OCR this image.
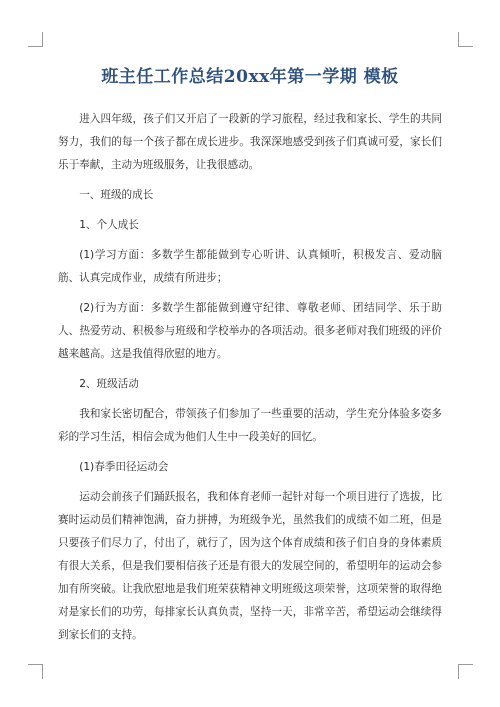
班主任工作总结20xx年第一学期 模板

进入四年级，孩子们又开启了一段新的学习旅程，经过我和家长、学生的共同努力，我们的每一个孩子都在成长进步。我深深地感受到孩子们真诚可爱，家长们乐于奉献，主动为班级服务，让我很感动。

一、班级的成长

1、个人成长

(1)学习方面：多数学生都能做到专心听讲、认真倾听，积极发言、爱动脑筋、认真完成作业，成绩有所进步；

(2)行为方面：多数学生都能做到遵守纪律、尊敬老师、团结同学、乐于助人、热爱劳动、积极参与班级和学校举办的各项活动。很多老师对我们班级的评价越来越高。这是我值得欣慰的地方。

2、班级活动

我和家长密切配合，带领孩子们参加了一些重要的活动，学生充分体验多姿多彩的学习生活，相信会成为他们人生中一段美好的回忆。

(1)春季田径运动会

运动会前孩子们踊跃报名，我和体育老师一起针对每一个项目进行了选拔，比赛时运动员们精神饱满，奋力拼搏，为班级争光，虽然我们的成绩不如二班，但是只要孩子们尽力了，付出了，就行了，因为这个体育成绩和孩子们自身的身体素质有很大关系，但是我们要相信孩子还是有很大的发展空间的，希望明年的运动会参加有所突破。让我欣慰地是我们班荣获精神文明班级这项荣誉，这项荣誉的取得绝对是家长们的功劳，每排家长认真负责，坚持一天，非常辛苦，希望运动会继续得到家长们的支持。
